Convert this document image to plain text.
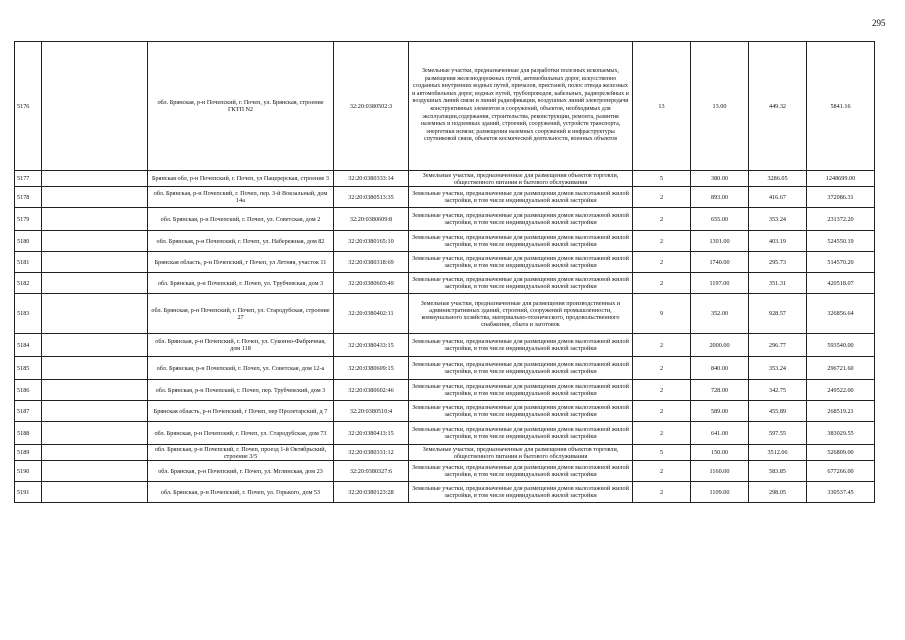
295
5176		обл. Брянская, р-н Почепский, г. Почеп, ул. Брянская, строение ГКТП N2	32:20:0380502:3	Земельные участки, предназначенные для разработки полезных ископаемых, размещения железнодорожных путей, автомобильных дорог, искусственно созданных внутренних водных путей, причалов, пристаней, полос отвода железных и автомобильных дорог, водных путей, трубопроводов, кабельных, радиорелейных и воздушных линий связи и линий радиофикации, воздушных линий электропередачи конструктивных элементов и сооружений, объектов, необходимых для эксплуатации,содержания, строительства, реконструкции, ремонта, развития наземных и подземных зданий, строений, сооружений, устройств транспорта, энергетики иcвязи; размещения наземных сооружений и инфраструктуры спутниковой связи, объектов космической деятельности, военных объектов	13	13.00	449.32	5841.16
5177		Брянская обл, р-н Почепский, г. Почеп, ул Пацерерская, строение 3	32:20:0380333:14	Земельные участки, предназначенные для размещения объектов торговли, общественного питания и бытового обслуживания	5	380.00	3286.05	1248699.00
5178		обл. Брянская, р-н Почепский, г. Почеп, пер. 3-й Вокзальный, дом 14а	32:20:0380513:35	Земельные участки, предназначенные для размещения домов малоэтажной жилой застройки, в том числе индивидуальной жилой застройки	2	893.00	416.67	372086.31
5179		обл. Брянская, р-н Почепский, г. Почеп, ул. Советская, дом 2	32:20:0380609:8	Земельные участки, предназначенные для размещения домов малоэтажной жилой застройки, в том числе индивидуальной жилой застройки	2	655.00	353.24	231372.20
5180		обл. Брянская, р-н Почепский, г. Почеп, ул. Набережная, дом 82	32:20:0380165:10	Земельные участки, предназначенные для размещения домов малоэтажной жилой застройки, в том числе индивидуальной жилой застройки	2	1301.00	403.19	524550.19
5181		Брянская область, р-н Почепский, г Почеп, ул Летняя, участок 11	32:20:0380318:69	Земельные участки, предназначенные для размещения домов малоэтажной жилой застройки, в том числе индивидуальной жилой застройки	2	1740.00	295.73	514570.20
5182		обл. Брянская, р-н Почепский, г. Почеп, ул. Трубчевская, дом 3	32:20:0380603:49	Земельные участки, предназначенные для размещения домов малоэтажной жилой застройки, в том числе индивидуальной жилой застройки	2	1197.00	351.31	420518.07
5183		обл. Брянская, р-н Почепский, г. Почеп, ул. Стародубская, строение 27	32:20:0380402:11	Земельные участки, предназначенные для размещения производственных и административных зданий, строений, сооружений промышленности, коммунального хозяйства, материально-технического, продовольственного снабжения, сбыта и заготовок	9	352.00	928.57	326856.64
5184		обл. Брянская, р-н Почепский, г. Почеп, ул. Суконно-Фабричная, дом 118	32:20:0380433:15	Земельные участки, предназначенные для размещения домов малоэтажной жилой застройки, в том числе индивидуальной жилой застройки	2	2000.00	296.77	593540.00
5185		обл. Брянская, р-н Почепский, г. Почеп, ул. Советская, дом 12-а	32:20:0380609:15	Земельные участки, предназначенные для размещения домов малоэтажной жилой застройки, в том числе индивидуальной жилой застройки	2	840.00	353.24	296721.60
5186		обл. Брянская, р-н Почепский, г. Почеп, пер. Трубчевский, дом 3	32:20:0380602:46	Земельные участки, предназначенные для размещения домов малоэтажной жилой застройки, в том числе индивидуальной жилой застройки	2	728.00	342.75	249522.00
5187		Брянская область, р-н Почепский, г Почеп, пер Пролетарский, д 7	32:20:0380510:4	Земельные участки, предназначенные для размещения домов малоэтажной жилой застройки, в том числе индивидуальной жилой застройки	2	589.00	455.89	268519.21
5188		обл. Брянская, р-н Почепский, г. Почеп, ул. Стародубская, дом 73	32:20:0380413:15	Земельные участки, предназначенные для размещения домов малоэтажной жилой застройки, в том числе индивидуальной жилой застройки	2	641.00	597.55	383029.55
5189		обл. Брянская, р-н Почепский, г. Почеп, проезд 1-й Октябрьский, строение 3/5	32:20:0380331:12	Земельные участки, предназначенные для размещения объектов торговли, общественного питания и бытового обслуживания	5	150.00	3512.06	526809.00
5190		обл. Брянская, р-н Почепский, г. Почеп, ул. Мглинская, дом 23	32:20:0380327:6	Земельные участки, предназначенные для размещения домов малоэтажной жилой застройки, в том числе индивидуальной жилой застройки	2	1160.00	583.85	677266.00
5191		обл. Брянская, р-н Почепский, г. Почеп, ул. Горького, дом 53	32:20:0380123:28	Земельные участки, предназначенные для размещения домов малоэтажной жилой застройки, в том числе индивидуальной жилой застройки	2	1109.00	298.05	330537.45
